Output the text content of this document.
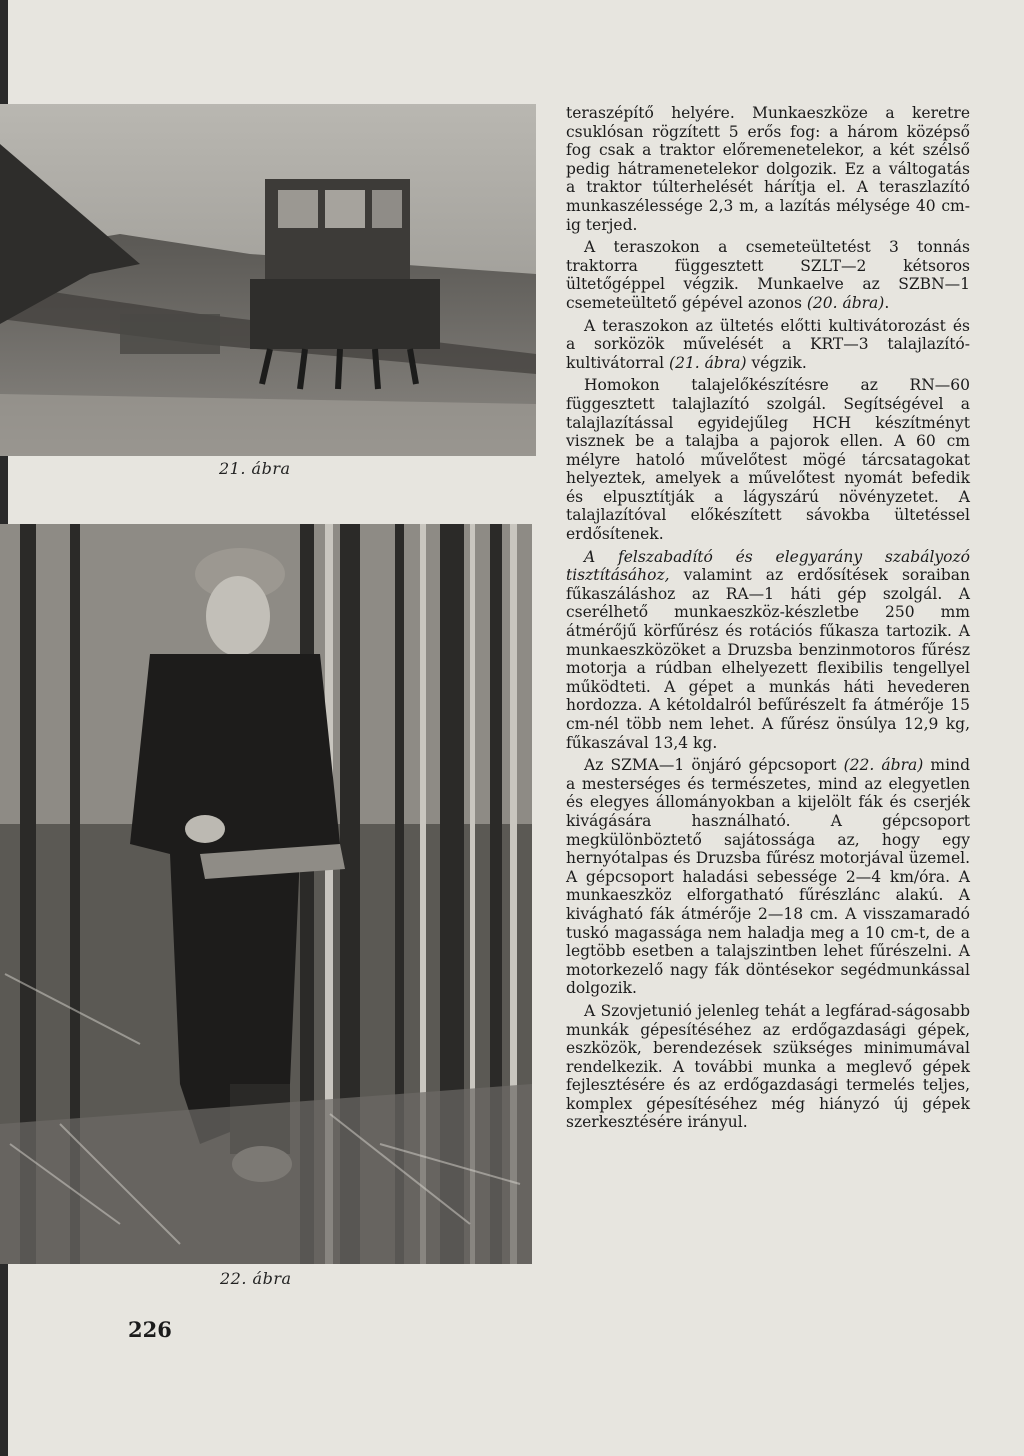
21. ábra

22. ábra

226

teraszépítő helyére. Munkaeszköze a keretre csuklósan rögzített 5 erős fog: a három középső fog csak a traktor előremenetelekor, a két szélső pedig hátramenetelekor dolgozik. Ez a váltogatás a traktor túlterhelését hárítja el. A teraszlazító munkaszélessége 2,3 m, a lazítás mélysége 40 cm-ig terjed.

A teraszokon a csemeteültetést 3 tonnás traktorra függesztett SZLT—2 kétsoros ültetőgéppel végzik. Munkaelve az SZBN—1 csemeteültető gépével azonos (20. ábra).

A teraszokon az ültetés előtti kultivátorozást és a sorközök művelését a KRT—3 talajlazító-kultivátorral (21. ábra) végzik.

Homokon talajelőkészítésre az RN—60 függesztett talajlazító szolgál. Segítségével a talajlazítással egyidejűleg HCH készítményt visznek be a talajba a pajorok ellen. A 60 cm mélyre hatoló művelőtest mögé tárcsatagokat helyeztek, amelyek a művelőtest nyomát befedik és elpusztítják a lágyszárú növényzetet. A talajlazítóval előkészített sávokba ültetéssel erdősítenek.

A felszabadító és elegyarány szabályozó tisztításához, valamint az erdősítések soraiban fűkaszáláshoz az RA—1 háti gép szolgál. A cserélhető munkaeszköz-készletbe 250 mm átmérőjű körfűrész és rotációs fűkasza tartozik. A munkaeszközöket a Druzsba benzinmotoros fűrész motorja a rúdban elhelyezett flexibilis tengellyel működteti. A gépet a munkás háti hevederen hordozza. A kétoldalról befűrészelt fa átmérője 15 cm-nél több nem lehet. A fűrész önsúlya 12,9 kg, fűkaszával 13,4 kg.

Az SZMA—1 önjáró gépcsoport (22. ábra) mind a mesterséges és természetes, mind az elegyetlen és elegyes állományokban a kijelölt fák és cserjék kivágására használható. A gépcsoport megkülönböztető sajátossága az, hogy egy hernyótalpas és Druzsba fűrész motorjával üzemel. A gépcsoport haladási sebessége 2—4 km/óra. A munkaeszköz elforgatható fűrészlánc alakú. A kivágható fák átmérője 2—18 cm. A visszamaradó tuskó magassága nem haladja meg a 10 cm-t, de a legtöbb esetben a talajszintben lehet fűrészelni. A motorkezelő nagy fák döntésekor segédmunkással dolgozik.

A Szovjetunió jelenleg tehát a legfárad-ságosabb munkák gépesítéséhez az erdőgazdasági gépek, eszközök, berendezések szükséges minimumával rendelkezik. A további munka a meglevő gépek fejlesztésére és az erdőgazdasági termelés teljes, komplex gépesítéséhez még hiányzó új gépek szerkesztésére irányul.
